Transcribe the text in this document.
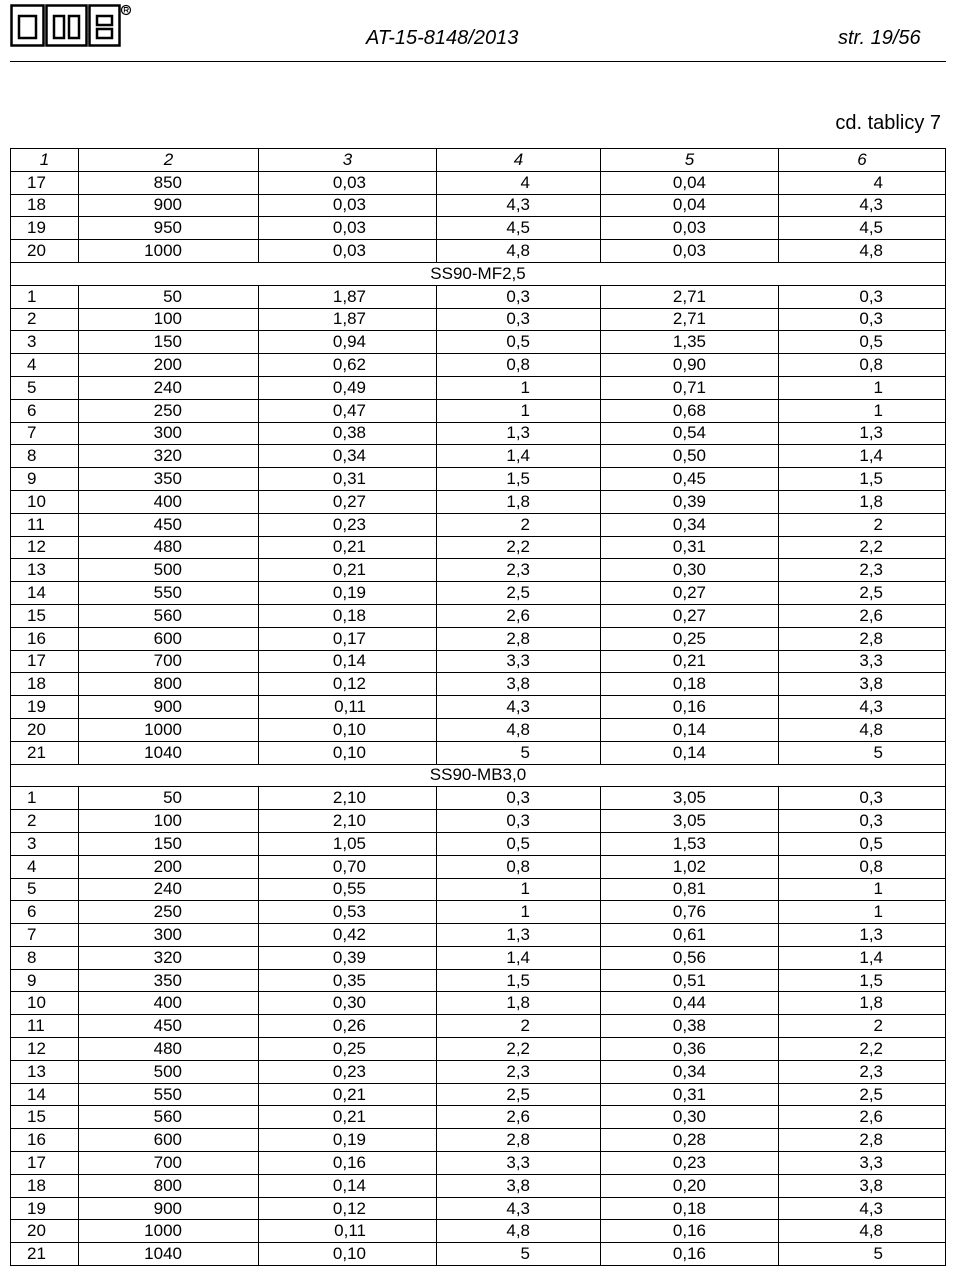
AT-15-8148/2013	str. 19/56
cd. tablicy 7
1	2	3	4	5	6
17	850	0,03	4	0,04	4
18	900	0,03	4,3	0,04	4,3
19	950	0,03	4,5	0,03	4,5
20	1000	0,03	4,8	0,03	4,8
SS90-MF2,5					
1	50	1,87	0,3	2,71	0,3
2	100	1,87	0,3	2,71	0,3
3	150	0,94	0,5	1,35	0,5
4	200	0,62	0,8	0,90	0,8
5	240	0,49	1	0,71	1
6	250	0,47	1	0,68	1
7	300	0,38	1,3	0,54	1,3
8	320	0,34	1,4	0,50	1,4
9	350	0,31	1,5	0,45	1,5
10	400	0,27	1,8	0,39	1,8
11	450	0,23	2	0,34	2
12	480	0,21	2,2	0,31	2,2
13	500	0,21	2,3	0,30	2,3
14	550	0,19	2,5	0,27	2,5
15	560	0,18	2,6	0,27	2,6
16	600	0,17	2,8	0,25	2,8
17	700	0,14	3,3	0,21	3,3
18	800	0,12	3,8	0,18	3,8
19	900	0,11	4,3	0,16	4,3
20	1000	0,10	4,8	0,14	4,8
21	1040	0,10	5	0,14	5
SS90-MB3,0					
1	50	2,10	0,3	3,05	0,3
2	100	2,10	0,3	3,05	0,3
3	150	1,05	0,5	1,53	0,5
4	200	0,70	0,8	1,02	0,8
5	240	0,55	1	0,81	1
6	250	0,53	1	0,76	1
7	300	0,42	1,3	0,61	1,3
8	320	0,39	1,4	0,56	1,4
9	350	0,35	1,5	0,51	1,5
10	400	0,30	1,8	0,44	1,8
11	450	0,26	2	0,38	2
12	480	0,25	2,2	0,36	2,2
13	500	0,23	2,3	0,34	2,3
14	550	0,21	2,5	0,31	2,5
15	560	0,21	2,6	0,30	2,6
16	600	0,19	2,8	0,28	2,8
17	700	0,16	3,3	0,23	3,3
18	800	0,14	3,8	0,20	3,8
19	900	0,12	4,3	0,18	4,3
20	1000	0,11	4,8	0,16	4,8
21	1040	0,10	5	0,16	5
